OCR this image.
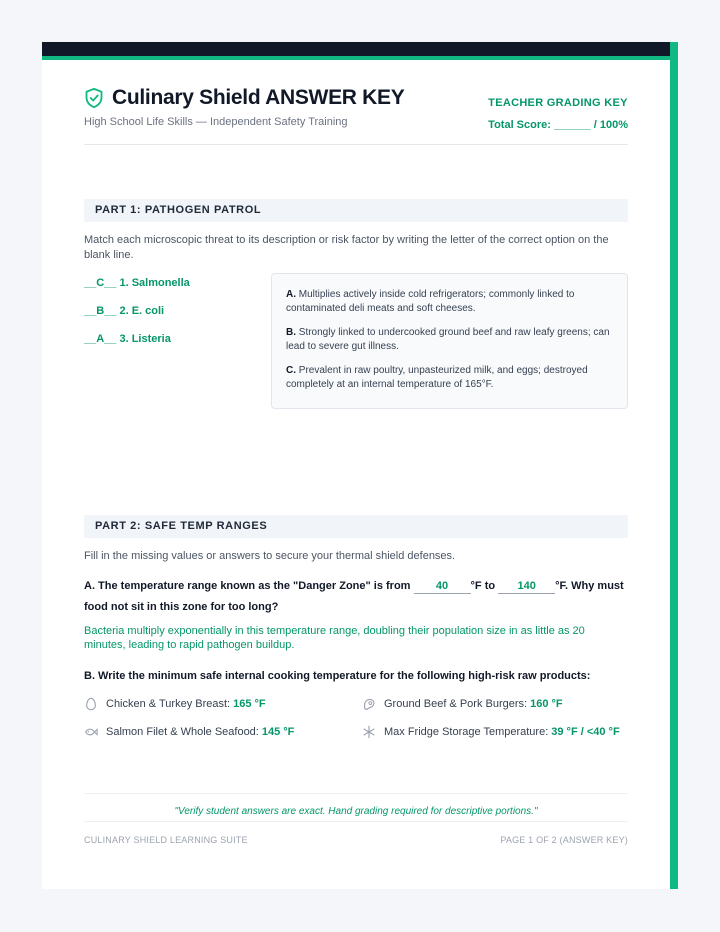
Culinary Shield ANSWER KEY
High School Life Skills — Independent Safety Training
TEACHER GRADING KEY
Total Score: ______ / 100%
PART 1: PATHOGEN PATROL
Match each microscopic threat to its description or risk factor by writing the letter of the correct option on the blank line.
__C__ 1. Salmonella
__B__ 2. E. coli
__A__ 3. Listeria
A. Multiplies actively inside cold refrigerators; commonly linked to contaminated deli meats and soft cheeses.
B. Strongly linked to undercooked ground beef and raw leafy greens; can lead to severe gut illness.
C. Prevalent in raw poultry, unpasteurized milk, and eggs; destroyed completely at an internal temperature of 165°F.
PART 2: SAFE TEMP RANGES
Fill in the missing values or answers to secure your thermal shield defenses.
A. The temperature range known as the "Danger Zone" is from 40 °F to 140 °F. Why must food not sit in this zone for too long?
Bacteria multiply exponentially in this temperature range, doubling their population size in as little as 20 minutes, leading to rapid pathogen buildup.
B. Write the minimum safe internal cooking temperature for the following high-risk raw products:
Chicken & Turkey Breast: 165 °F	Ground Beef & Pork Burgers: 160 °F
Salmon Filet & Whole Seafood: 145 °F	Max Fridge Storage Temperature: 39 °F / <40 °F
"Verify student answers are exact. Hand grading required for descriptive portions."
CULINARY SHIELD LEARNING SUITE	PAGE 1 OF 2 (ANSWER KEY)
